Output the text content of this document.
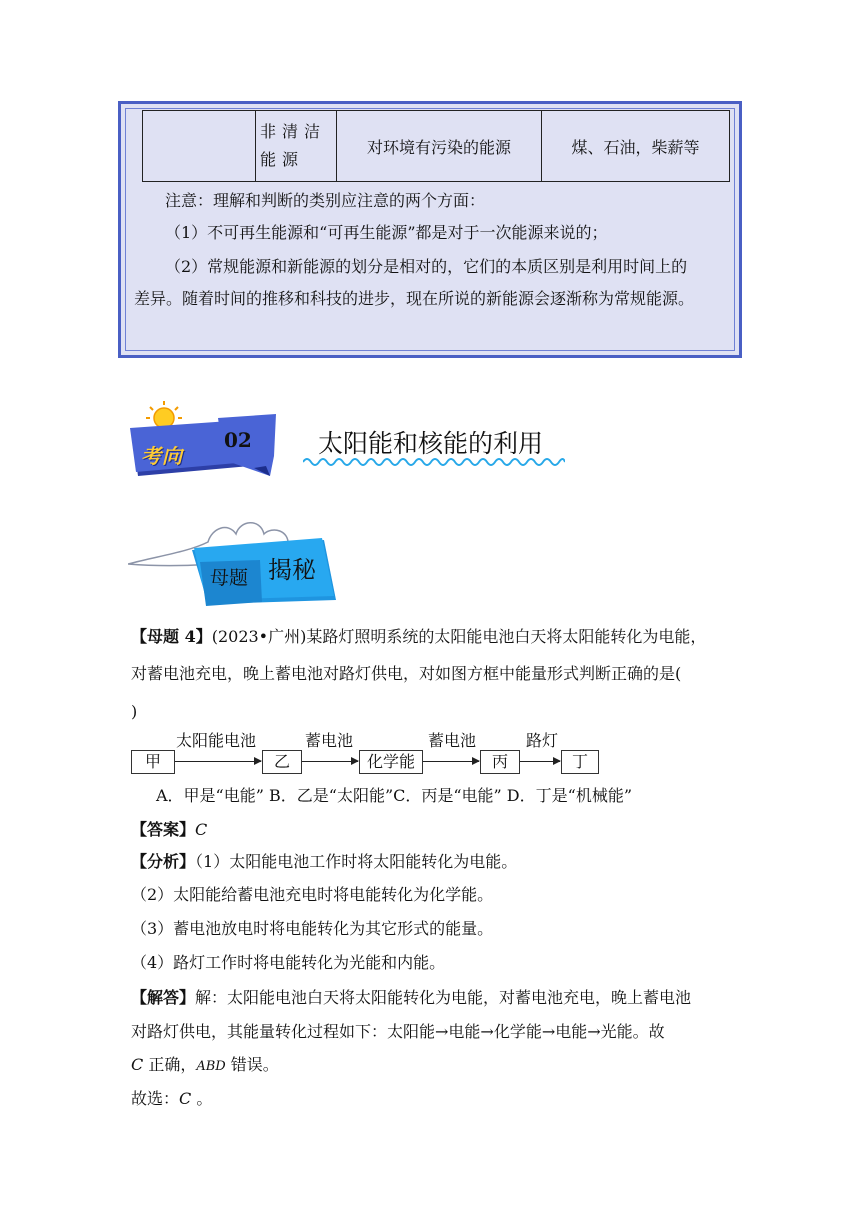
	非清洁能源	对环境有污染的能源	煤、石油，柴薪等

注意：理解和判断的类别应注意的两个方面：

（1）不可再生能源和“可再生能源”都是对于一次能源来说的；

（2）常规能源和新能源的划分是相对的，它们的本质区别是利用时间上的

差异。随着时间的推移和科技的进步，现在所说的新能源会逐渐称为常规能源。

考向
02	太阳能和核能的利用
母题 揭秘

【母题 4】(2023•广州)某路灯照明系统的太阳能电池白天将太阳能转化为电能，

对蓄电池充电，晚上蓄电池对路灯供电，对如图方框中能量形式判断正确的是(

)

甲
太阳能电池
乙
蓄电池
化学能
蓄电池
丙
路灯
丁

A．甲是“电能” B．乙是“太阳能”C．丙是“电能” D．丁是“机械能”

【答案】C

【分析】（1）太阳能电池工作时将太阳能转化为电能。

（2）太阳能给蓄电池充电时将电能转化为化学能。

（3）蓄电池放电时将电能转化为其它形式的能量。

（4）路灯工作时将电能转化为光能和内能。

【解答】解：太阳能电池白天将太阳能转化为电能，对蓄电池充电，晚上蓄电池

对路灯供电，其能量转化过程如下：太阳能→电能→化学能→电能→光能。故

C 正确，ABD 错误。

故选：C 。
